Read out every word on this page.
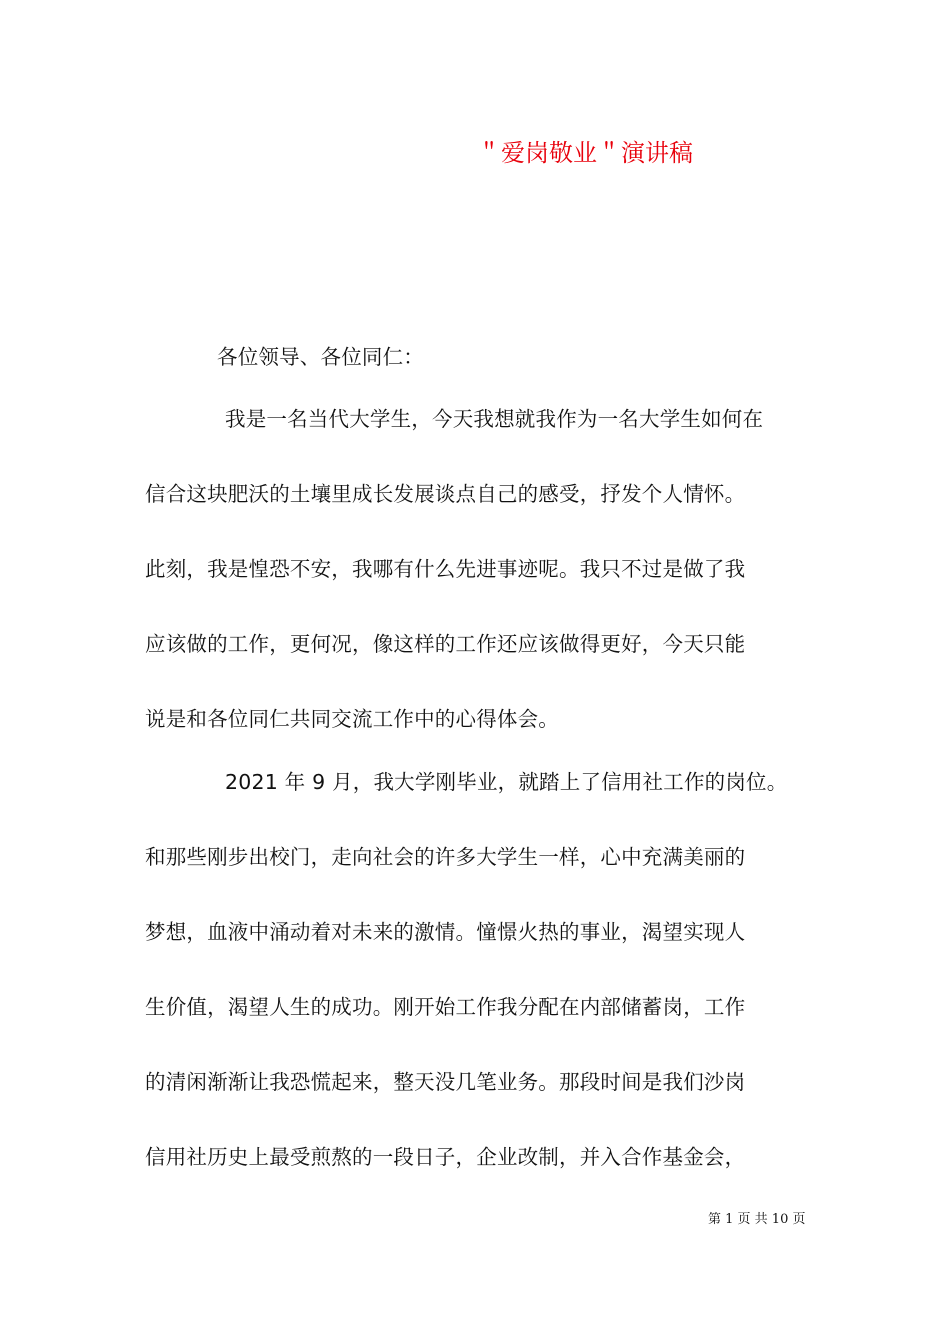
＂爱岗敬业＂演讲稿
各位领导、各位同仁：
我是一名当代大学生，今天我想就我作为一名大学生如何在
信合这块肥沃的土壤里成长发展谈点自己的感受，抒发个人情怀。
此刻，我是惶恐不安，我哪有什么先进事迹呢。我只不过是做了我
应该做的工作，更何况，像这样的工作还应该做得更好，今天只能
说是和各位同仁共同交流工作中的心得体会。
2021 年 9 月，我大学刚毕业，就踏上了信用社工作的岗位。
和那些刚步出校门，走向社会的许多大学生一样，心中充满美丽的
梦想，血液中涌动着对未来的激情。憧憬火热的事业，渴望实现人
生价值，渴望人生的成功。刚开始工作我分配在内部储蓄岗，工作
的清闲渐渐让我恐慌起来，整天没几笔业务。那段时间是我们沙岗
信用社历史上最受煎熬的一段日子，企业改制，并入合作基金会，
第 1 页 共 10 页
